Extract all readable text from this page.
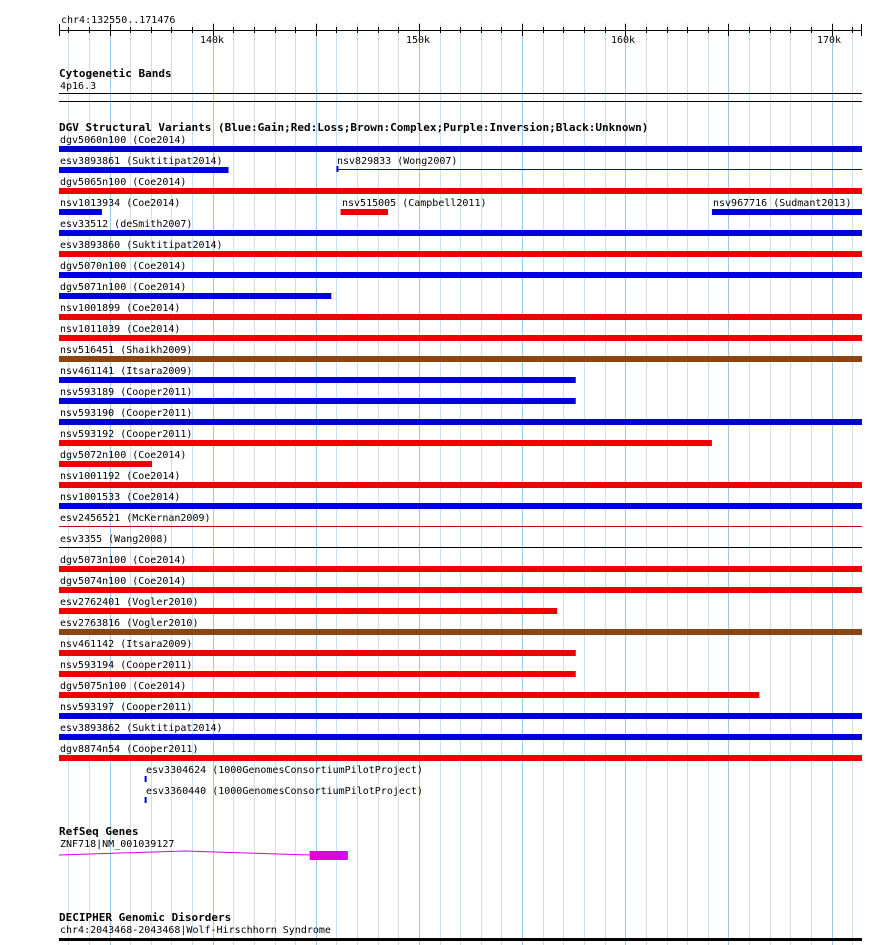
chr4:132550..171476
140k	150k	160k	170k
Cytogenetic Bands
4p16.3
DGV Structural Variants (Blue:Gain;Red:Loss;Brown:Complex;Purple:Inversion;Black:Unknown)
dgv5060n100 (Coe2014)
esv3893861 (Suktitipat2014)	nsv829833 (Wong2007)
dgv5065n100 (Coe2014)
nsv1013934 (Coe2014)	nsv515005 (Campbell2011)	nsv967716 (Sudmant2013)
esv33512 (deSmith2007)
esv3893860 (Suktitipat2014)
dgv5070n100 (Coe2014)
dgv5071n100 (Coe2014)
nsv1001899 (Coe2014)
nsv1011039 (Coe2014)
nsv516451 (Shaikh2009)
nsv461141 (Itsara2009)
nsv593189 (Cooper2011)
nsv593190 (Cooper2011)
nsv593192 (Cooper2011)
dgv5072n100 (Coe2014)
nsv1001192 (Coe2014)
nsv1001533 (Coe2014)
esv2456521 (McKernan2009)
esv3355 (Wang2008)
dgv5073n100 (Coe2014)
dgv5074n100 (Coe2014)
esv2762401 (Vogler2010)
esv2763816 (Vogler2010)
nsv461142 (Itsara2009)
nsv593194 (Cooper2011)
dgv5075n100 (Coe2014)
nsv593197 (Cooper2011)
esv3893862 (Suktitipat2014)
dgv8874n54 (Cooper2011)
esv3304624 (1000GenomesConsortiumPilotProject)
esv3360440 (1000GenomesConsortiumPilotProject)
RefSeq Genes
ZNF718|NM_001039127
DECIPHER Genomic Disorders
chr4:2043468-2043468|Wolf-Hirschhorn Syndrome
